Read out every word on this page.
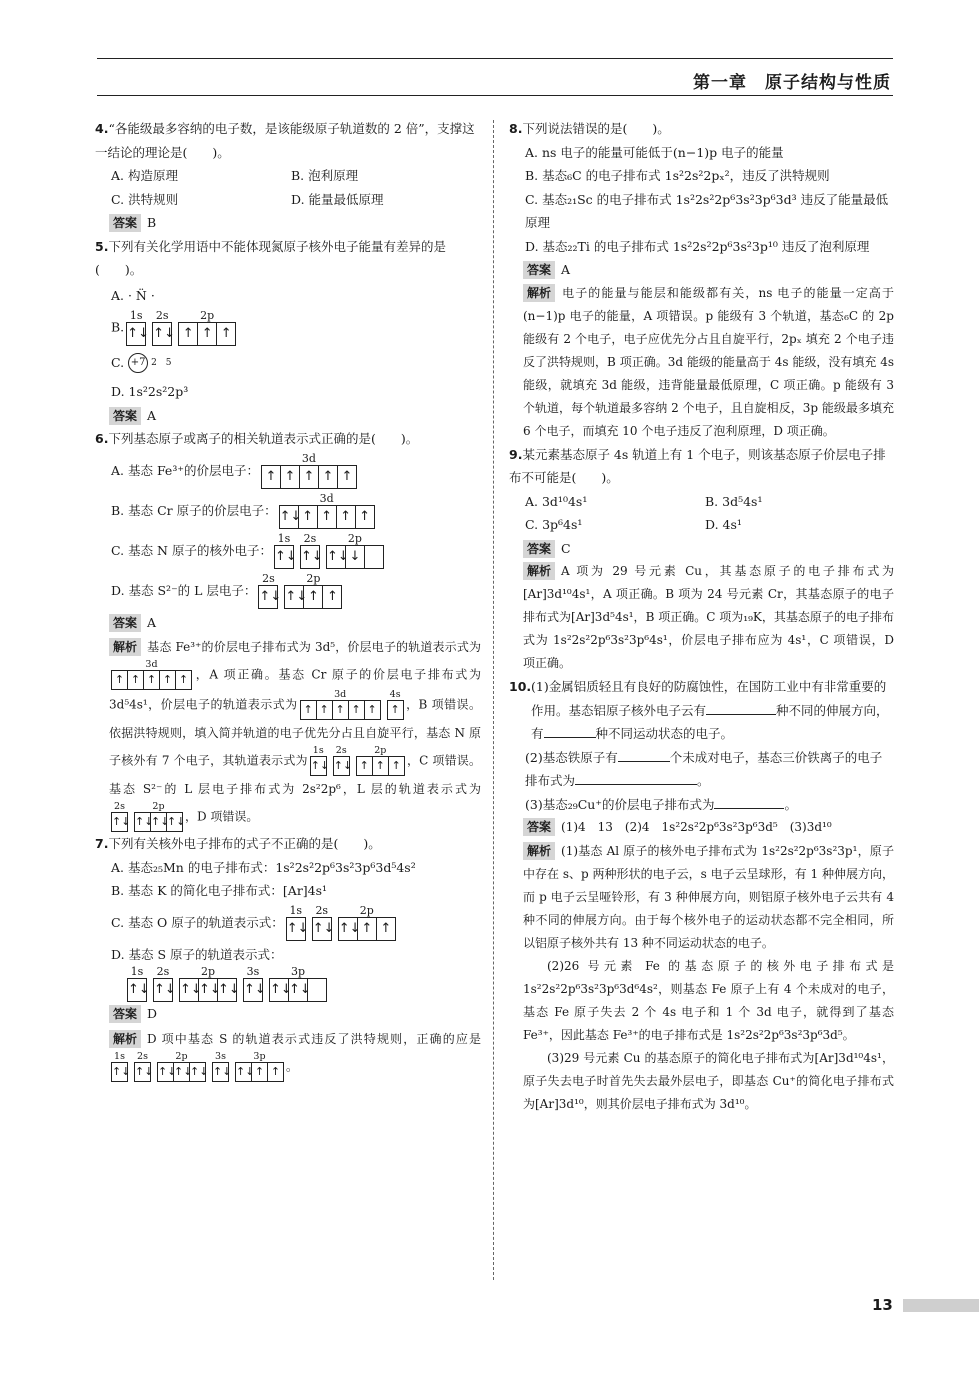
第一章　原子结构与性质
4.“各能级最多容纳的电子数，是该能级原子轨道数的 2 倍”，支撑这一结论的理论是(　　)。
A. 构造原理	B. 泡利原理
C. 洪特规则	D. 能量最低原理
答案 B
5.下列有关化学用语中不能体现氮原子核外电子能量有差异的是(　　)。
A. · N̈ ·
B.
1s
↑↓
2s
↑↓
2p
↑ ↑ ↑
C. +7 2　5
D. 1s²2s²2p³
答案 A
6.下列基态原子或离子的相关轨道表示式正确的是(　　)。
A. 基态 Fe³⁺的价层电子：
3d
↑ ↑ ↑ ↑ ↑
B. 基态 Cr 原子的价层电子：
3d
↑↓ ↑ ↑ ↑ ↑
C. 基态 N 原子的核外电子：
1s
↑↓
2s
↑↓
2p
↑↓ ↓
D. 基态 S²⁻的 L 层电子：
2s
↑↓
2p
↑↓ ↑ ↑
答案 A
解析 基态 Fe³⁺的价层电子排布式为 3d⁵，价层电子的轨道表示式为
3d
↑ ↑ ↑ ↑ ↑ ，A 项正确。基态 Cr 原子的价层电子排布式为 3d⁵4s¹，价层电子的轨道表示式为
3d
↑ ↑ ↑ ↑ ↑
4s
↑ ，B 项错误。依据洪特规则，填入简并轨道的电子优先分占且自旋平行，基态 N 原子核外有 7 个电子，其轨道表示式为
1s
↑↓
2s
↑↓
2p
↑ ↑ ↑ ，C 项错误。基态 S²⁻的 L 层电子排布式为 2s²2p⁶，L 层的轨道表示式为
2s
↑↓
2p
↑↓
↑↓
↑↓ ，D 项错误。
7.下列有关核外电子排布的式子不正确的是(　　)。
A. 基态₂₅Mn 的电子排布式：1s²2s²2p⁶3s²3p⁶3d⁵4s²
B. 基态 K 的简化电子排布式：[Ar]4s¹
C. 基态 O 原子的轨道表示式：
1s
↑↓
2s
↑↓
2p
↑↓ ↑ ↑
D. 基态 S 原子的轨道表示式：
1s
↑↓
2s
↑↓
2p
↑↓
↑↓
↑↓
3s
↑↓
3p
↑↓
↑↓
答案 D
解析 D 项中基态 S 的轨道表示式违反了洪特规则，正确的应是
1s
↑↓
2s
↑↓
2p
↑↓
↑↓
↑↓
3s
↑↓
3p
↑↓ ↑ ↑ 。
8.下列说法错误的是(　　)。
A. ns 电子的能量可能低于(n−1)p 电子的能量
B. 基态₆C 的电子排布式 1s²2s²2pₓ²，违反了洪特规则
C. 基态₂₁Sc 的电子排布式 1s²2s²2p⁶3s²3p⁶3d³ 违反了能量最低原理
D. 基态₂₂Ti 的电子排布式 1s²2s²2p⁶3s²3p¹⁰ 违反了泡利原理
答案 A
解析 电子的能量与能层和能级都有关，ns 电子的能量一定高于(n−1)p 电子的能量，A 项错误。p 能级有 3 个轨道，基态₆C 的 2p 能级有 2 个电子，电子应优先分占且自旋平行，2pₓ 填充 2 个电子违反了洪特规则，B 项正确。3d 能级的能量高于 4s 能级，没有填充 4s 能级，就填充 3d 能级，违背能量最低原理，C 项正确。p 能级有 3 个轨道，每个轨道最多容纳 2 个电子，且自旋相反，3p 能级最多填充 6 个电子，而填充 10 个电子违反了泡利原理，D 项正确。
9.某元素基态原子 4s 轨道上有 1 个电子，则该基态原子价层电子排布不可能是(　　)。
A. 3d¹⁰4s¹	B. 3d⁵4s¹
C. 3p⁶4s¹	D. 4s¹
答案 C
解析 A 项为 29 号元素 Cu，其基态原子的电子排布式为[Ar]3d¹⁰4s¹，A 项正确。B 项为 24 号元素 Cr，其基态原子的电子排布式为[Ar]3d⁵4s¹，B 项正确。C 项为₁₉K，其基态原子的电子排布式为 1s²2s²2p⁶3s²3p⁶4s¹，价层电子排布应为 4s¹，C 项错误，D 项正确。
10. (1)金属铝质轻且有良好的防腐蚀性，在国防工业中有非常重要的作用。基态铝原子核外电子云有	种不同的伸展方向，有	种不同运动状态的电子。
(2)基态铁原子有	个未成对电子，基态三价铁离子的电子排布式为	。
(3)基态₂₉Cu⁺的价层电子排布式为	。
答案 (1)4　13　(2)4　1s²2s²2p⁶3s²3p⁶3d⁵　(3)3d¹⁰
解析 (1)基态 Al 原子的核外电子排布式为 1s²2s²2p⁶3s²3p¹，原子中存在 s、p 两种形状的电子云，s 电子云呈球形，有 1 种伸展方向，而 p 电子云呈哑铃形，有 3 种伸展方向，则铝原子核外电子云共有 4 种不同的伸展方向。由于每个核外电子的运动状态都不完全相同，所以铝原子核外共有 13 种不同运动状态的电子。
(2)26 号元素 Fe 的基态原子的核外电子排布式是 1s²2s²2p⁶3s²3p⁶3d⁶4s²，则基态 Fe 原子上有 4 个未成对的电子，基态 Fe 原子失去 2 个 4s 电子和 1 个 3d 电子，就得到了基态 Fe³⁺，因此基态 Fe³⁺的电子排布式是 1s²2s²2p⁶3s²3p⁶3d⁵。
(3)29 号元素 Cu 的基态原子的简化电子排布式为[Ar]3d¹⁰4s¹，原子失去电子时首先失去最外层电子，即基态 Cu⁺的简化电子排布式为[Ar]3d¹⁰，则其价层电子排布式为 3d¹⁰。
13
